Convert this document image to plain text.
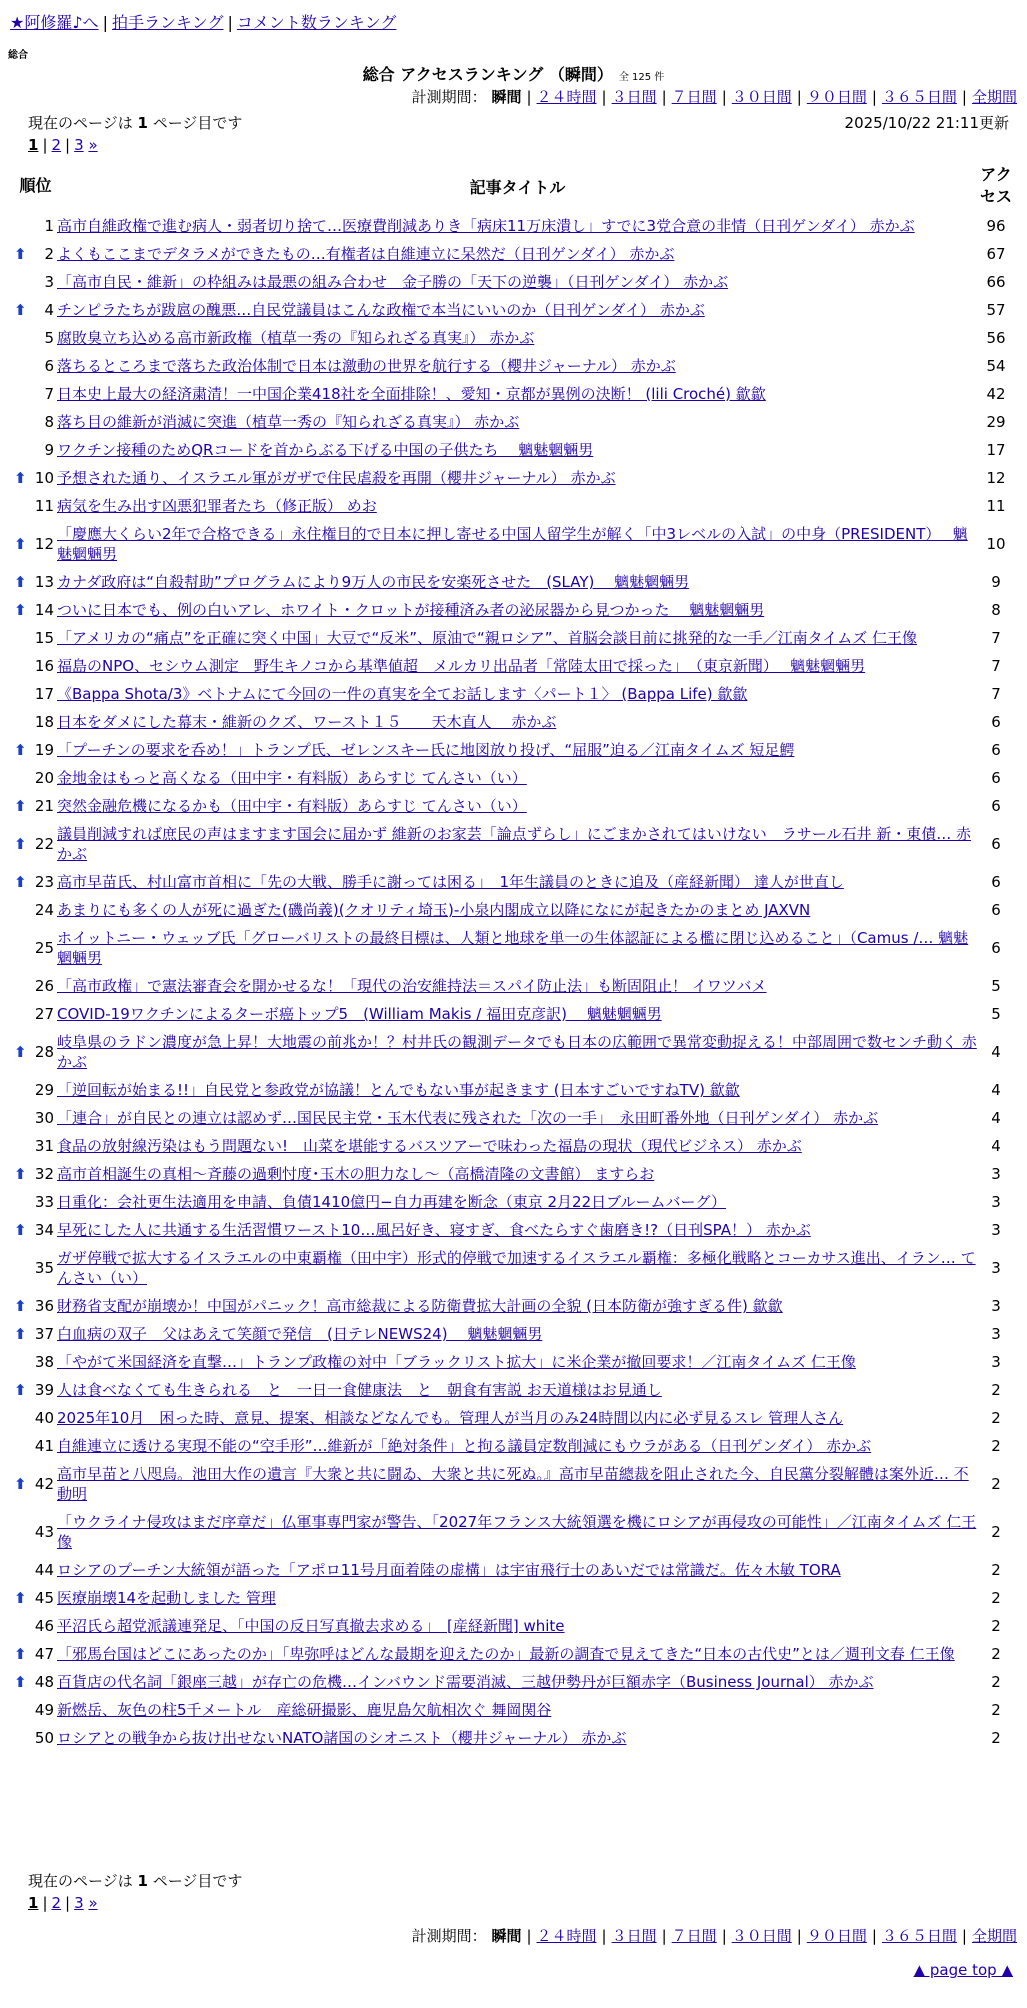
★阿修羅♪へ | 拍手ランキング | コメント数ランキング
総合
総合 アクセスランキング （瞬間） 全 125 件
計測期間： 瞬間 | ２４時間 | ３日間 | ７日間 | ３０日間 | ９０日間 | ３６５日間 | 全期間
現在のページは 1 ページ目です	2025/10/22 21:11更新
1 | 2 | 3 »
順位	記事タイトル	アクセス
1	高市自維政権で進む病人・弱者切り捨て…医療費削減ありき「病床11万床潰し」すでに3党合意の非情（日刊ゲンダイ） 赤かぶ	96

⬆ 2	よくもここまでデタラメができたもの…有権者は自維連立に呆然だ（日刊ゲンダイ） 赤かぶ	67
3	「高市自民・維新」の枠組みは最悪の組み合わせ　金子勝の「天下の逆襲」（日刊ゲンダイ） 赤かぶ	66

⬆ 4	チンピラたちが跋扈の醜悪…自民党議員はこんな政権で本当にいいのか（日刊ゲンダイ） 赤かぶ	57
5	腐敗臭立ち込める高市新政権（植草一秀の『知られざる真実』） 赤かぶ	56
6	落ちるところまで落ちた政治体制で日本は激動の世界を航行する（櫻井ジャーナル） 赤かぶ	54
7	日本史上最大の経済粛清！一中国企業418社を全面排除！、愛知・京都が異例の決断！ (lili Croché) 歙歙	42
8	落ち目の維新が消滅に突進（植草一秀の『知られざる真実』） 赤かぶ	29
9	ワクチン接種のためQRコードを首からぶる下げる中国の子供たち　 魑魅魍魎男	17

⬆ 10	予想された通り、イスラエル軍がガザで住民虐殺を再開（櫻井ジャーナル） 赤かぶ	12
11	病気を生み出す凶悪犯罪者たち（修正版） めお	11

⬆ 12	「慶應大くらい2年で合格できる」永住権目的で日本に押し寄せる中国人留学生が解く「中3レベルの入試」の中身（PRESIDENT）　 魑魅魍魎男	10

⬆ 13	カナダ政府は“自殺幇助”プログラムにより9万人の市民を安楽死させた　(SLAY)　 魑魅魍魎男	9

⬆ 14	ついに日本でも、例の白いアレ、ホワイト・クロットが接種済み者の泌尿器から見つかった　 魑魅魍魎男	8
15	「アメリカの“痛点”を正確に突く中国」大豆で“反米”、原油で“親ロシア”、首脳会談目前に挑発的な一手／江南タイムズ 仁王像	7
16	福島のNPO、セシウム測定　野生キノコから基準値超　メルカリ出品者「常陸太田で採った」　（東京新聞）　 魑魅魍魎男	7
17	《Bappa Shota/3》ベトナムにて今回の一件の真実を全てお話します〈パート１〉 (Bappa Life) 歙歙	7
18	日本をダメにした幕末・維新のクズ、ワースト１５　　天木直人　 赤かぶ	6

⬆ 19	「プーチンの要求を呑め！」トランプ氏、ゼレンスキー氏に地図放り投げ、“屈服”迫る／江南タイムズ 短足鰐	6
20	金地金はもっと高くなる（田中宇・有料版）あらすじ てんさい（い）	6

⬆ 21	突然金融危機になるかも（田中宇・有料版）あらすじ てんさい（い）	6

⬆ 22	議員削減すれば庶民の声はますます国会に届かず 維新のお家芸「論点ずらし」にごまかされてはいけない　ラサール石井 新・東債… 赤かぶ	6

⬆ 23	高市早苗氏、村山富市首相に「先の大戦、勝手に謝っては困る」　1年生議員のときに追及（産経新聞） 達人が世直し	6
24	あまりにも多くの人が死に過ぎた(磯尚義)(クオリティ埼玉)-小泉内閣成立以降になにが起きたかのまとめ JAXVN	6
25	ホイットニー・ウェッブ氏「グローバリストの最終目標は、人類と地球を単一の生体認証による檻に閉じ込めること」（Camus /… 魑魅魍魎男	6
26	「高市政権」で憲法審査会を開かせるな！「現代の治安維持法＝スパイ防止法」も断固阻止！ イワツバメ	5
27	COVID-19ワクチンによるターボ癌トップ5　(William Makis / 福田克彦訳)　 魑魅魍魎男	5

⬆ 28	岐阜県のラドン濃度が急上昇！大地震の前兆か！？村井氏の観測データでも日本の広範囲で異常変動捉える！中部周囲で数センチ動く 赤かぶ	4
29	「逆回転が始まる!!」自民党と参政党が協議！とんでもない事が起きます (日本すごいですねTV) 歙歙	4
30	「連合」が自民との連立は認めず…国民民主党・玉木代表に残された「次の一手」　永田町番外地（日刊ゲンダイ） 赤かぶ	4
31	食品の放射線汚染はもう問題ない!　山菜を堪能するバスツアーで味わった福島の現状（現代ビジネス） 赤かぶ	4

⬆ 32	高市首相誕生の真相〜斉藤の過剰忖度･玉木の胆力なし〜（高橋清隆の文書館） ますらお	3
33	日重化：会社更生法適用を申請、負債1410億円−自力再建を断念（東京 2月22日ブルームバーグ）	3

⬆ 34	早死にした人に共通する生活習慣ワースト10…風呂好き、寝すぎ、食べたらすぐ歯磨き!?（日刊SPA！） 赤かぶ	3
35	ガザ停戦で拡大するイスラエルの中東覇権（田中宇）形式的停戦で加速するイスラエル覇権：多極化戦略とコーカサス進出、イラン… てんさい（い）	3

⬆ 36	財務省支配が崩壊か！中国がパニック！高市総裁による防衛費拡大計画の全貌 (日本防衛が強すぎる件) 歙歙	3

⬆ 37	白血病の双子　父はあえて笑顔で発信　(日テレNEWS24)　 魑魅魍魎男	3
38	「やがて米国経済を直撃…」トランプ政権の対中「ブラックリスト拡大」に米企業が撤回要求！／江南タイムズ 仁王像	3

⬆ 39	人は食べなくても生きられる　と　一日一食健康法　と　朝食有害説 お天道様はお見通し	2
40	2025年10月　困った時、意見、提案、相談などなんでも。管理人が当月のみ24時間以内に必ず見るスレ 管理人さん	2
41	自維連立に透ける実現不能の“空手形”…維新が「絶対条件」と拘る議員定数削減にもウラがある（日刊ゲンダイ） 赤かぶ	2

⬆ 42	高市早苗と八咫烏。池田大作の遺言『大衆と共に闘ゐ、大衆と共に死ぬ。』高市早苗總裁を阻止された今、自民黨分裂解體は案外近… 不動明	2
43	「ウクライナ侵攻はまだ序章だ」仏軍事専門家が警告、「2027年フランス大統領選を機にロシアが再侵攻の可能性」／江南タイムズ 仁王像	2
44	ロシアのプーチン大統領が語った「アポロ11号月面着陸の虚構」は宇宙飛行士のあいだでは常識だ。佐々木敏 TORA	2

⬆ 45	医療崩壊14を起動しました 管理	2
46	平沼氏ら超党派議連発足、「中国の反日写真撤去求める」　[産経新聞] white	2

⬆ 47	「邪馬台国はどこにあったのか」「卑弥呼はどんな最期を迎えたのか」最新の調査で見えてきた“日本の古代史”とは／週刊文春 仁王像	2

⬆ 48	百貨店の代名詞「銀座三越」が存亡の危機…インバウンド需要消滅、三越伊勢丹が巨額赤字（Business Journal） 赤かぶ	2
49	新燃岳、灰色の柱5千メートル　産総研撮影、鹿児島欠航相次ぐ 舞岡関谷	2
50	ロシアとの戦争から抜け出せないNATO諸国のシオニスト（櫻井ジャーナル） 赤かぶ	2
現在のページは 1 ページ目です
1 | 2 | 3 »
計測期間： 瞬間 | ２４時間 | ３日間 | ７日間 | ３０日間 | ９０日間 | ３６５日間 | 全期間
▲ page top ▲
